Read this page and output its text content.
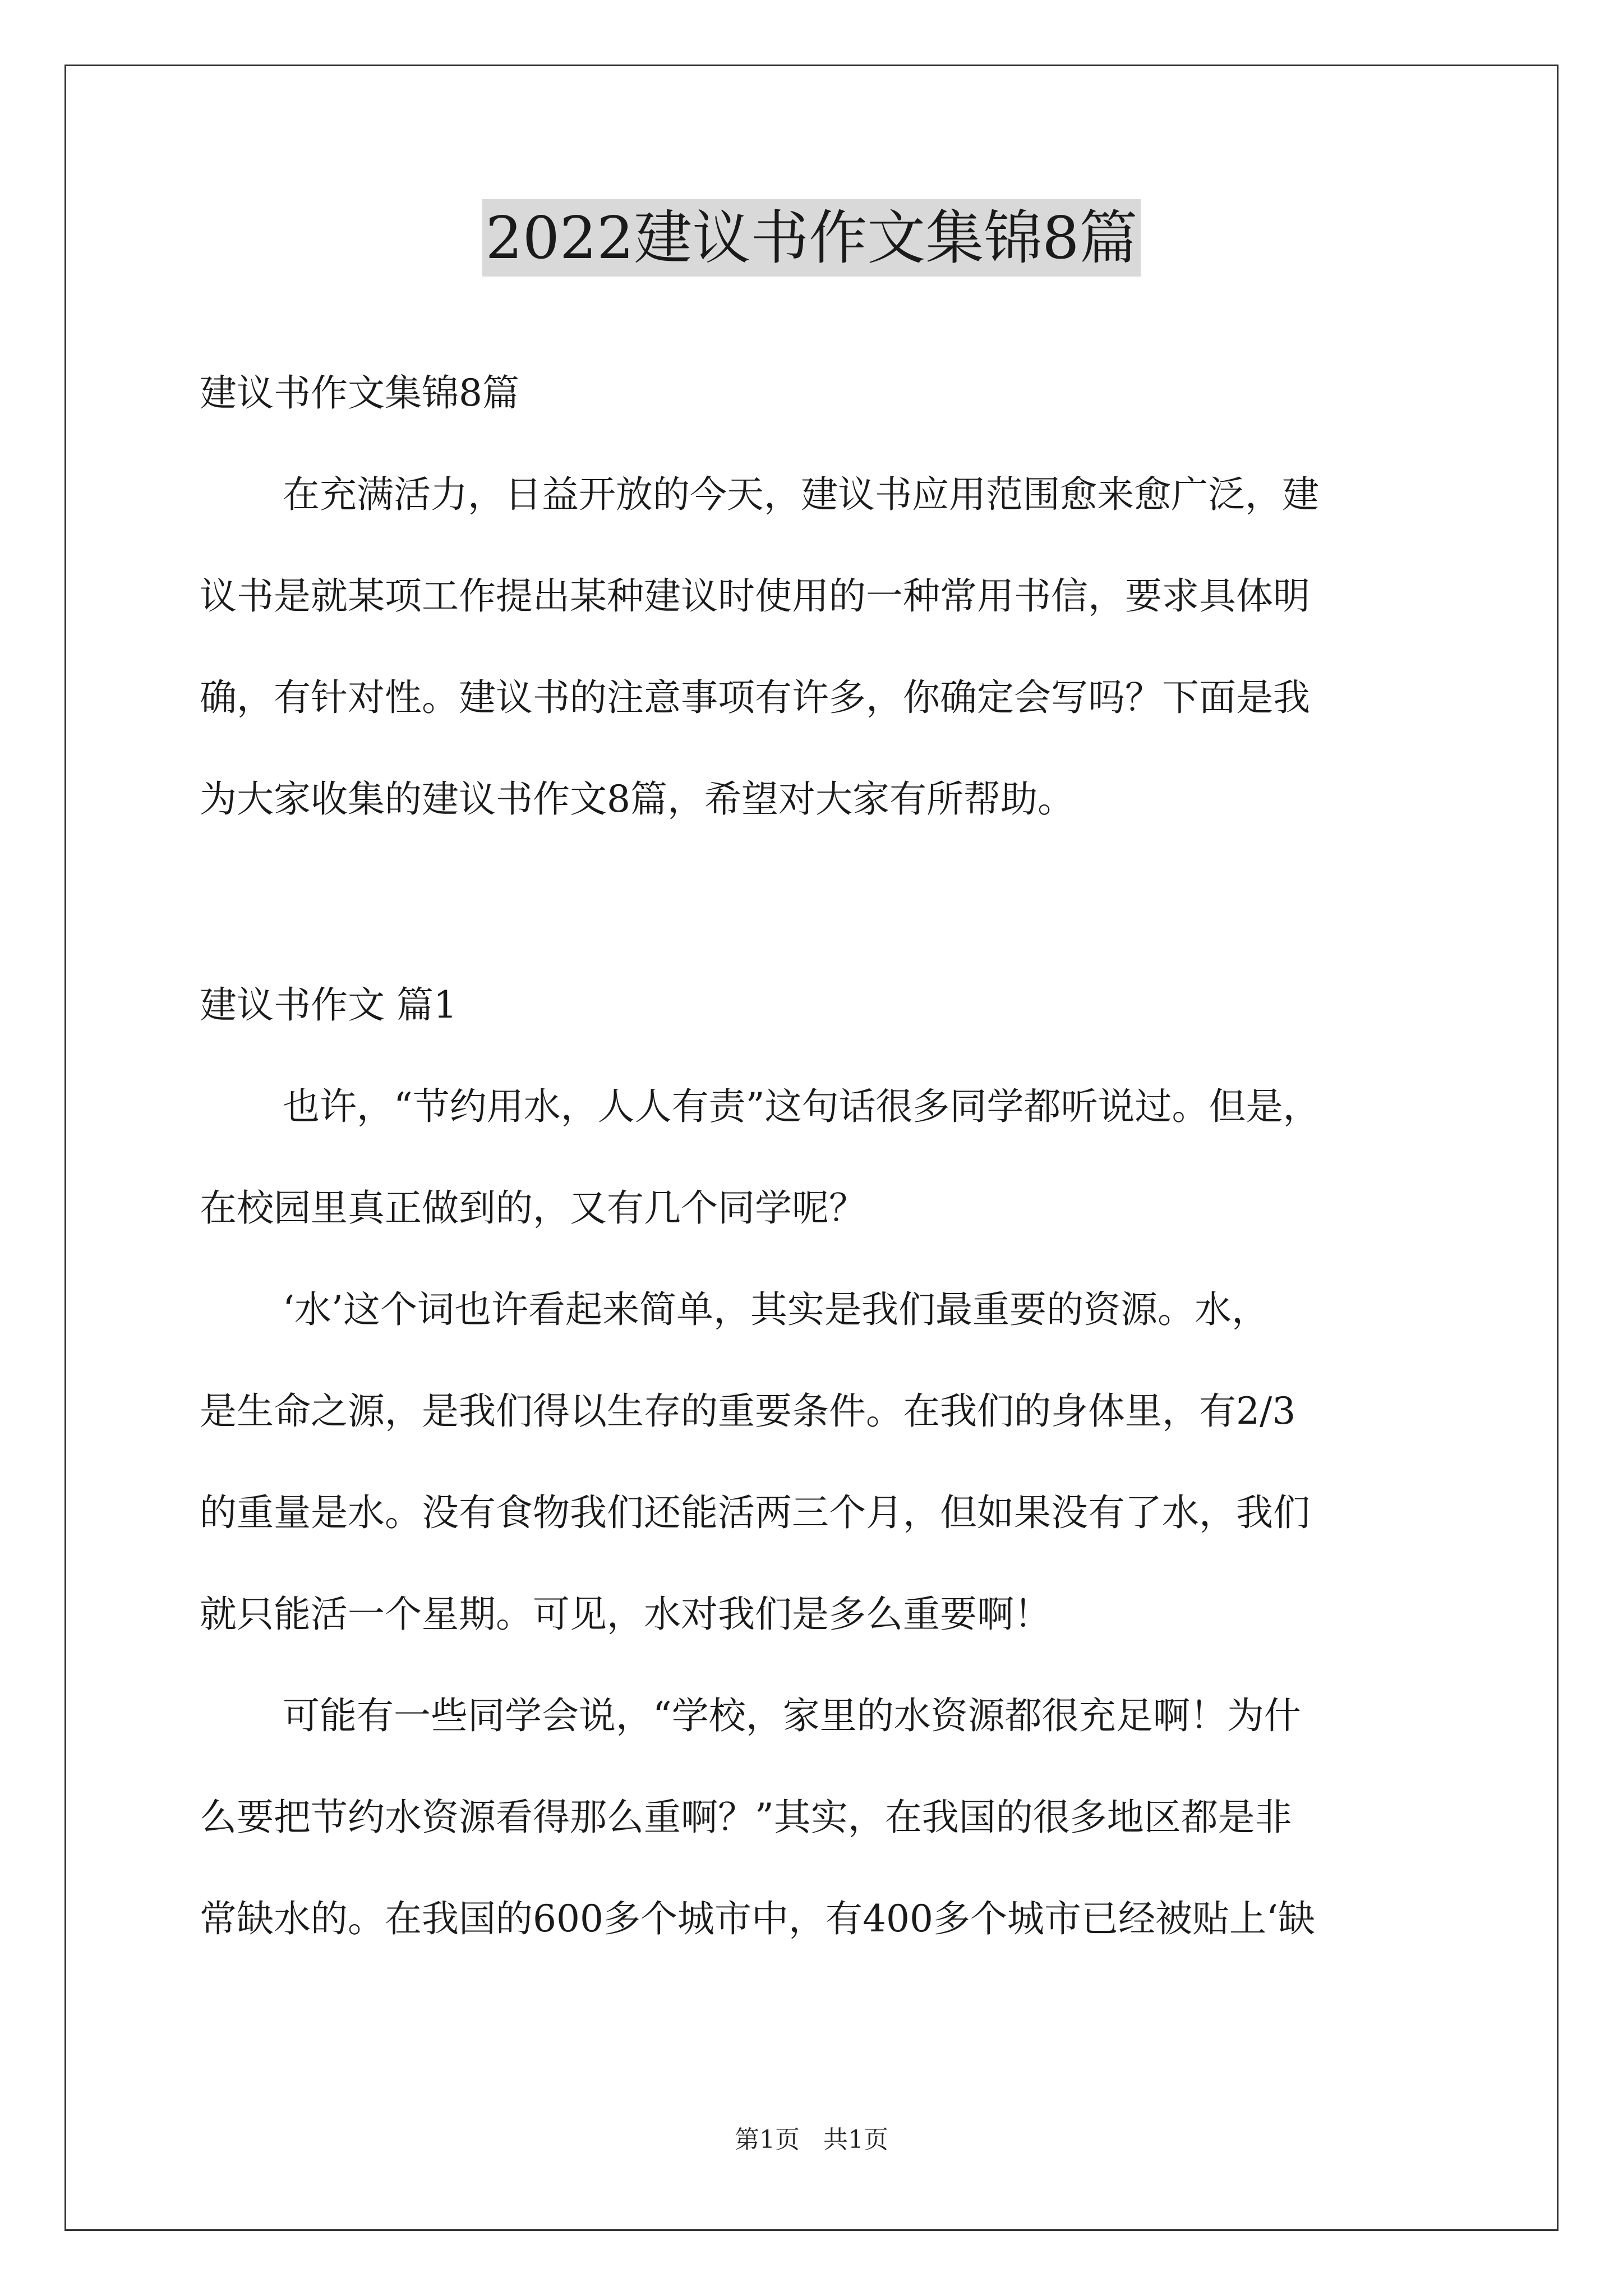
2022建议书作文集锦8篇
建议书作文集锦8篇
在充满活力，日益开放的今天，建议书应用范围愈来愈广泛，建
议书是就某项工作提出某种建议时使用的一种常用书信，要求具体明
确，有针对性。建议书的注意事项有许多，你确定会写吗？下面是我
为大家收集的建议书作文8篇，希望对大家有所帮助。
建议书作文 篇1
也许，“节约用水，人人有责”这句话很多同学都听说过。但是，
在校园里真正做到的，又有几个同学呢？
‘水’这个词也许看起来简单，其实是我们最重要的资源。水，
是生命之源，是我们得以生存的重要条件。在我们的身体里，有2/3
的重量是水。没有食物我们还能活两三个月，但如果没有了水，我们
就只能活一个星期。可见，水对我们是多么重要啊！
可能有一些同学会说，“学校，家里的水资源都很充足啊！为什
么要把节约水资源看得那么重啊？”其实，在我国的很多地区都是非
常缺水的。在我国的600多个城市中，有400多个城市已经被贴上‘缺
第1页 共1页
